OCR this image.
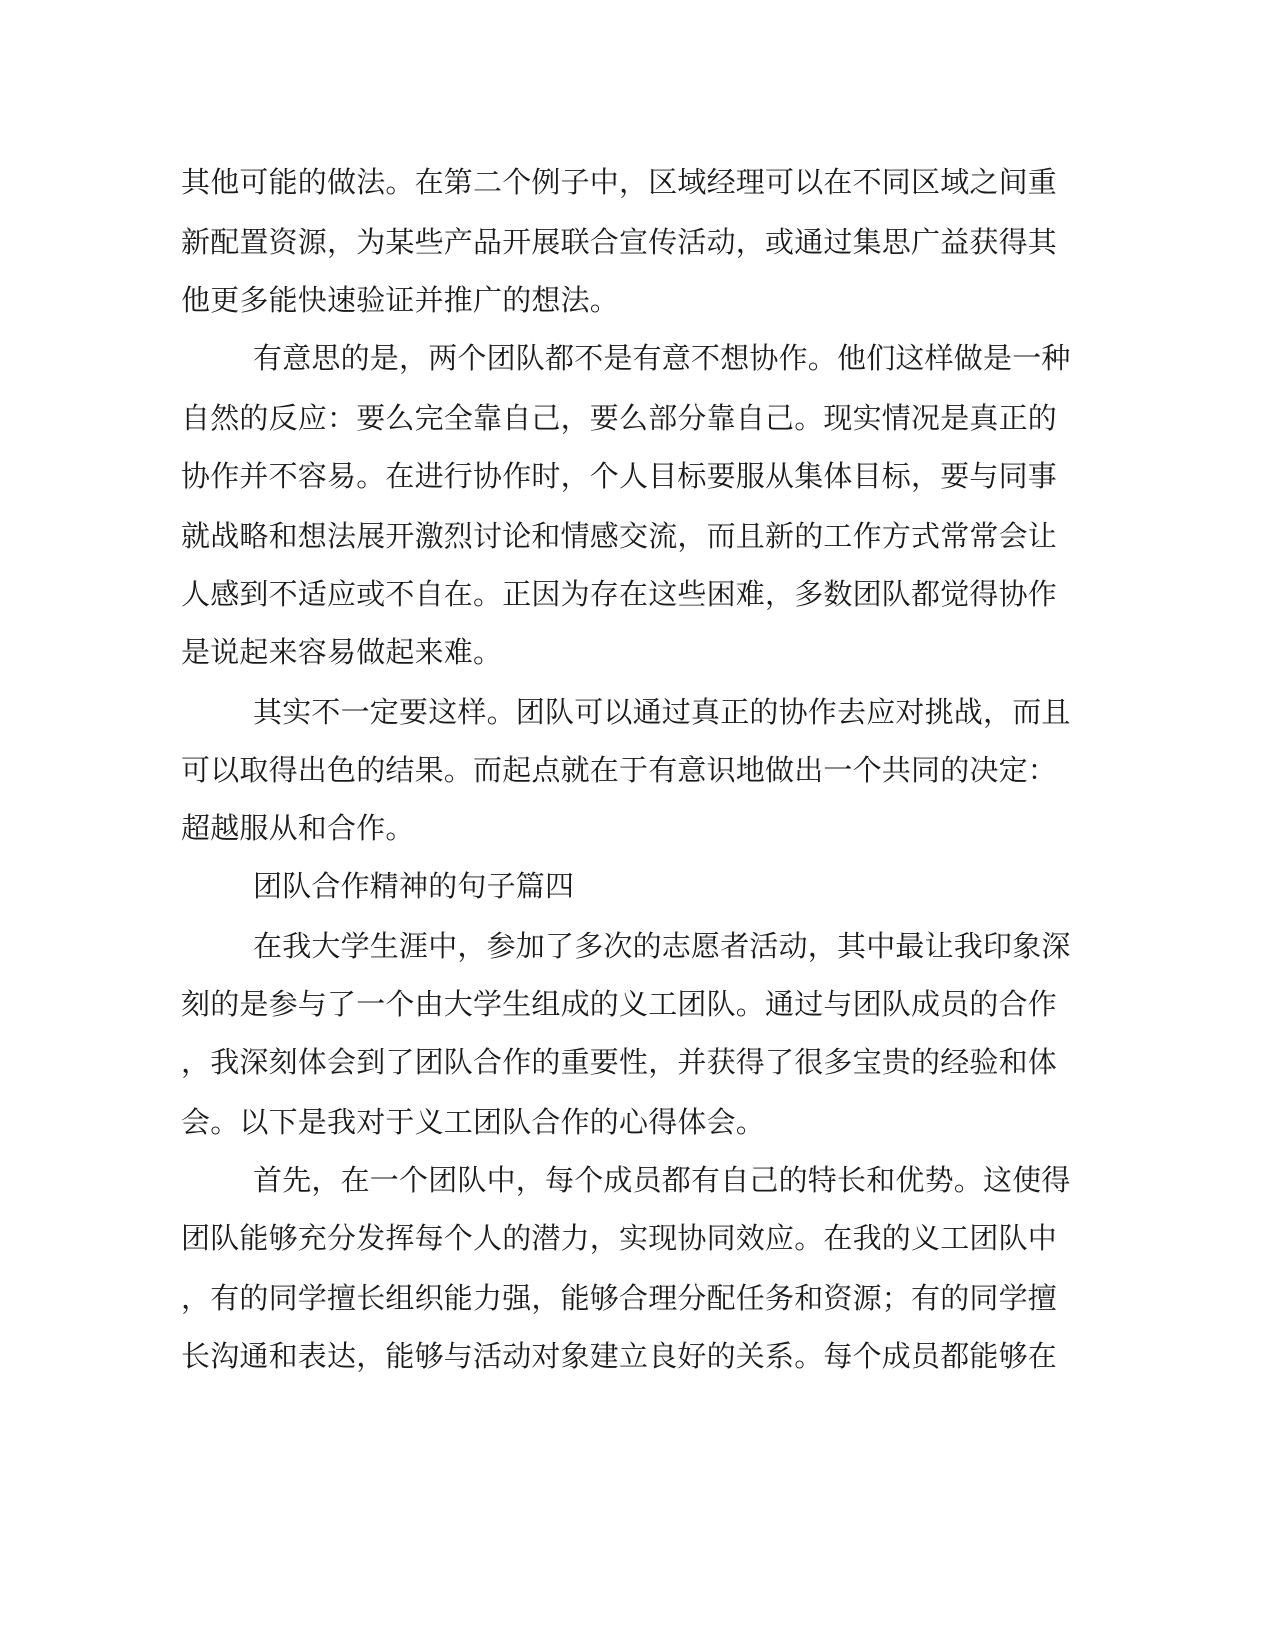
其他可能的做法。在第二个例子中，区域经理可以在不同区域之间重
新配置资源，为某些产品开展联合宣传活动，或通过集思广益获得其
他更多能快速验证并推广的想法。
有意思的是，两个团队都不是有意不想协作。他们这样做是一种
自然的反应：要么完全靠自己，要么部分靠自己。现实情况是真正的
协作并不容易。在进行协作时，个人目标要服从集体目标，要与同事
就战略和想法展开激烈讨论和情感交流，而且新的工作方式常常会让
人感到不适应或不自在。正因为存在这些困难，多数团队都觉得协作
是说起来容易做起来难。
其实不一定要这样。团队可以通过真正的协作去应对挑战，而且
可以取得出色的结果。而起点就在于有意识地做出一个共同的决定：
超越服从和合作。
团队合作精神的句子篇四
在我大学生涯中，参加了多次的志愿者活动，其中最让我印象深
刻的是参与了一个由大学生组成的义工团队。通过与团队成员的合作
，我深刻体会到了团队合作的重要性，并获得了很多宝贵的经验和体
会。以下是我对于义工团队合作的心得体会。
首先，在一个团队中，每个成员都有自己的特长和优势。这使得
团队能够充分发挥每个人的潜力，实现协同效应。在我的义工团队中
，有的同学擅长组织能力强，能够合理分配任务和资源；有的同学擅
长沟通和表达，能够与活动对象建立良好的关系。每个成员都能够在
